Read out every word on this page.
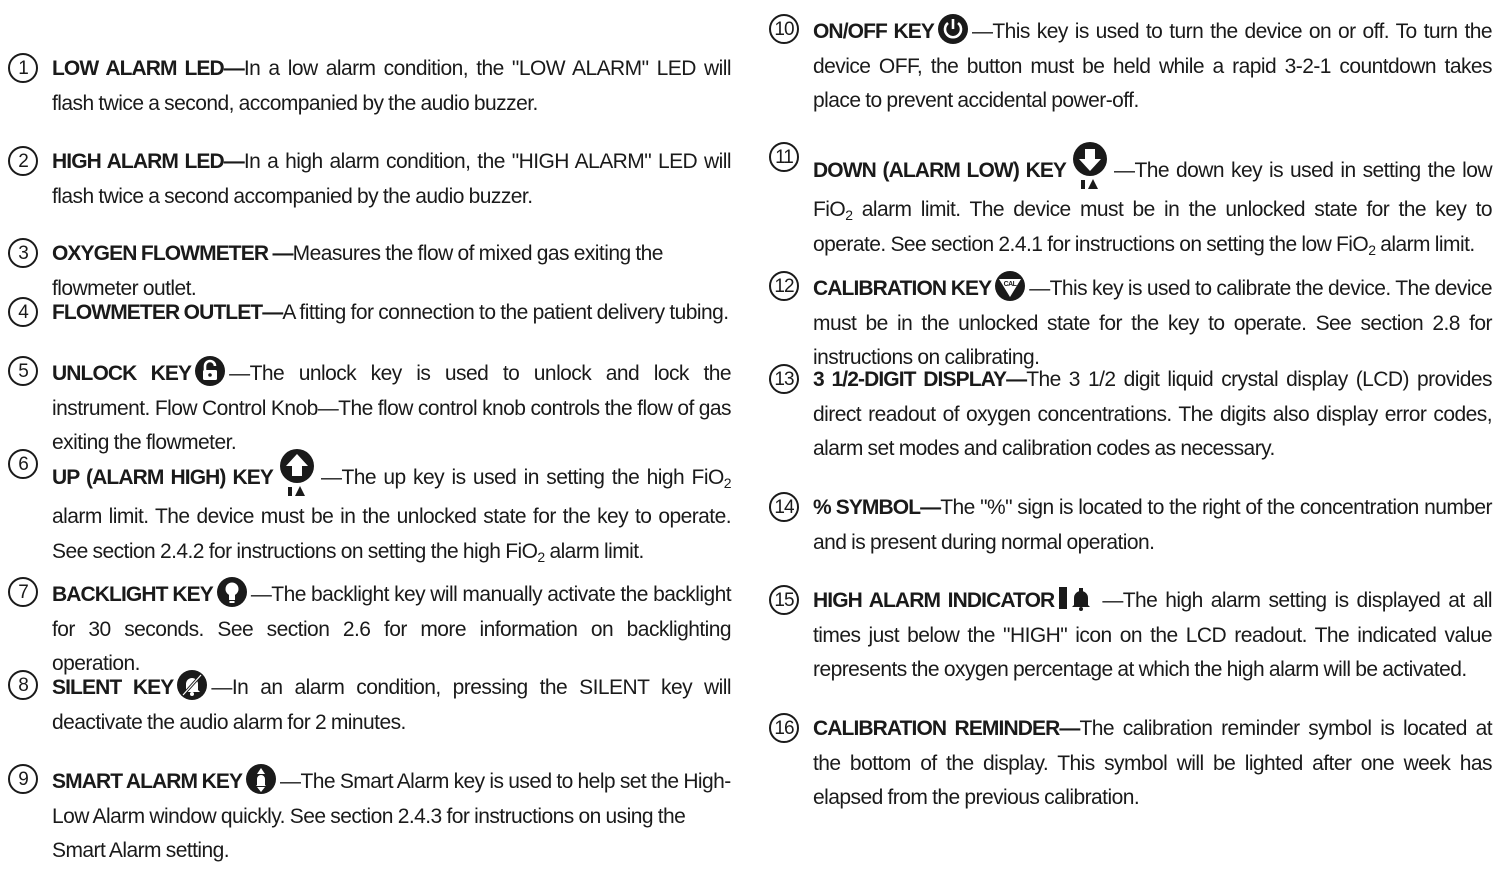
1	LOW ALARM LED—In a low alarm condition, the "LOW ALARM" LED will flash twice a second, accompanied by the audio buzzer.
2	HIGH ALARM LED—In a high alarm condition, the "HIGH ALARM" LED will flash twice a second accompanied by the audio buzzer.
3	OXYGEN FLOWMETER —Measures the flow of mixed gas exiting the flowmeter outlet.
4	FLOWMETER OUTLET—A fitting for connection to the patient delivery tubing.
5	UNLOCK KEY —The unlock key is used to unlock and lock the instrument. Flow Control Knob—The flow control knob controls the flow of gas exiting the flowmeter.
6
UP (ALARM HIGH) KEY —The up key is used in setting the high FiO$_2$ alarm limit. The device must be in the unlocked state for the key to operate. See section 2.4.2 for instructions on setting the high FiO$_2$ alarm limit.
7	BACKLIGHT KEY —The backlight key will manually activate the backlight for 30 seconds. See section 2.6 for more information on backlighting operation.
8	SILENT KEY —In an alarm condition, pressing the SILENT key will deactivate the audio alarm for 2 minutes.
9	SMART ALARM KEY —The Smart Alarm key is used to help set the High-Low Alarm window quickly. See section 2.4.3 for instructions on using the Smart Alarm setting.
10 ON/OFF KEY —This key is used to turn the device on or off. To turn the device OFF, the button must be held while a rapid 3-2-1 countdown takes place to prevent accidental power-off.
11
DOWN (ALARM LOW) KEY —The down key is used in setting the low FiO$_2$ alarm limit. The device must be in the unlocked state for the key to operate. See section 2.4.1 for instructions on setting the low FiO$_2$ alarm limit.
12 CALIBRATION KEY CAL —This key is used to calibrate the device. The device must be in the unlocked state for the key to operate. See section 2.8 for instructions on calibrating.
13 3 1/2-DIGIT DISPLAY—The 3 1/2 digit liquid crystal display (LCD) provides direct readout of oxygen concentrations. The digits also display error codes, alarm set modes and calibration codes as necessary.
14 % SYMBOL—The "%" sign is located to the right of the concentration number and is present during normal operation.
15 HIGH ALARM INDICATOR —The high alarm setting is displayed at all times just below the "HIGH" icon on the LCD readout. The indicated value represents the oxygen percentage at which the high alarm will be activated.
16 CALIBRATION REMINDER—The calibration reminder symbol is located at the bottom of the display. This symbol will be lighted after one week has elapsed from the previous calibration.
